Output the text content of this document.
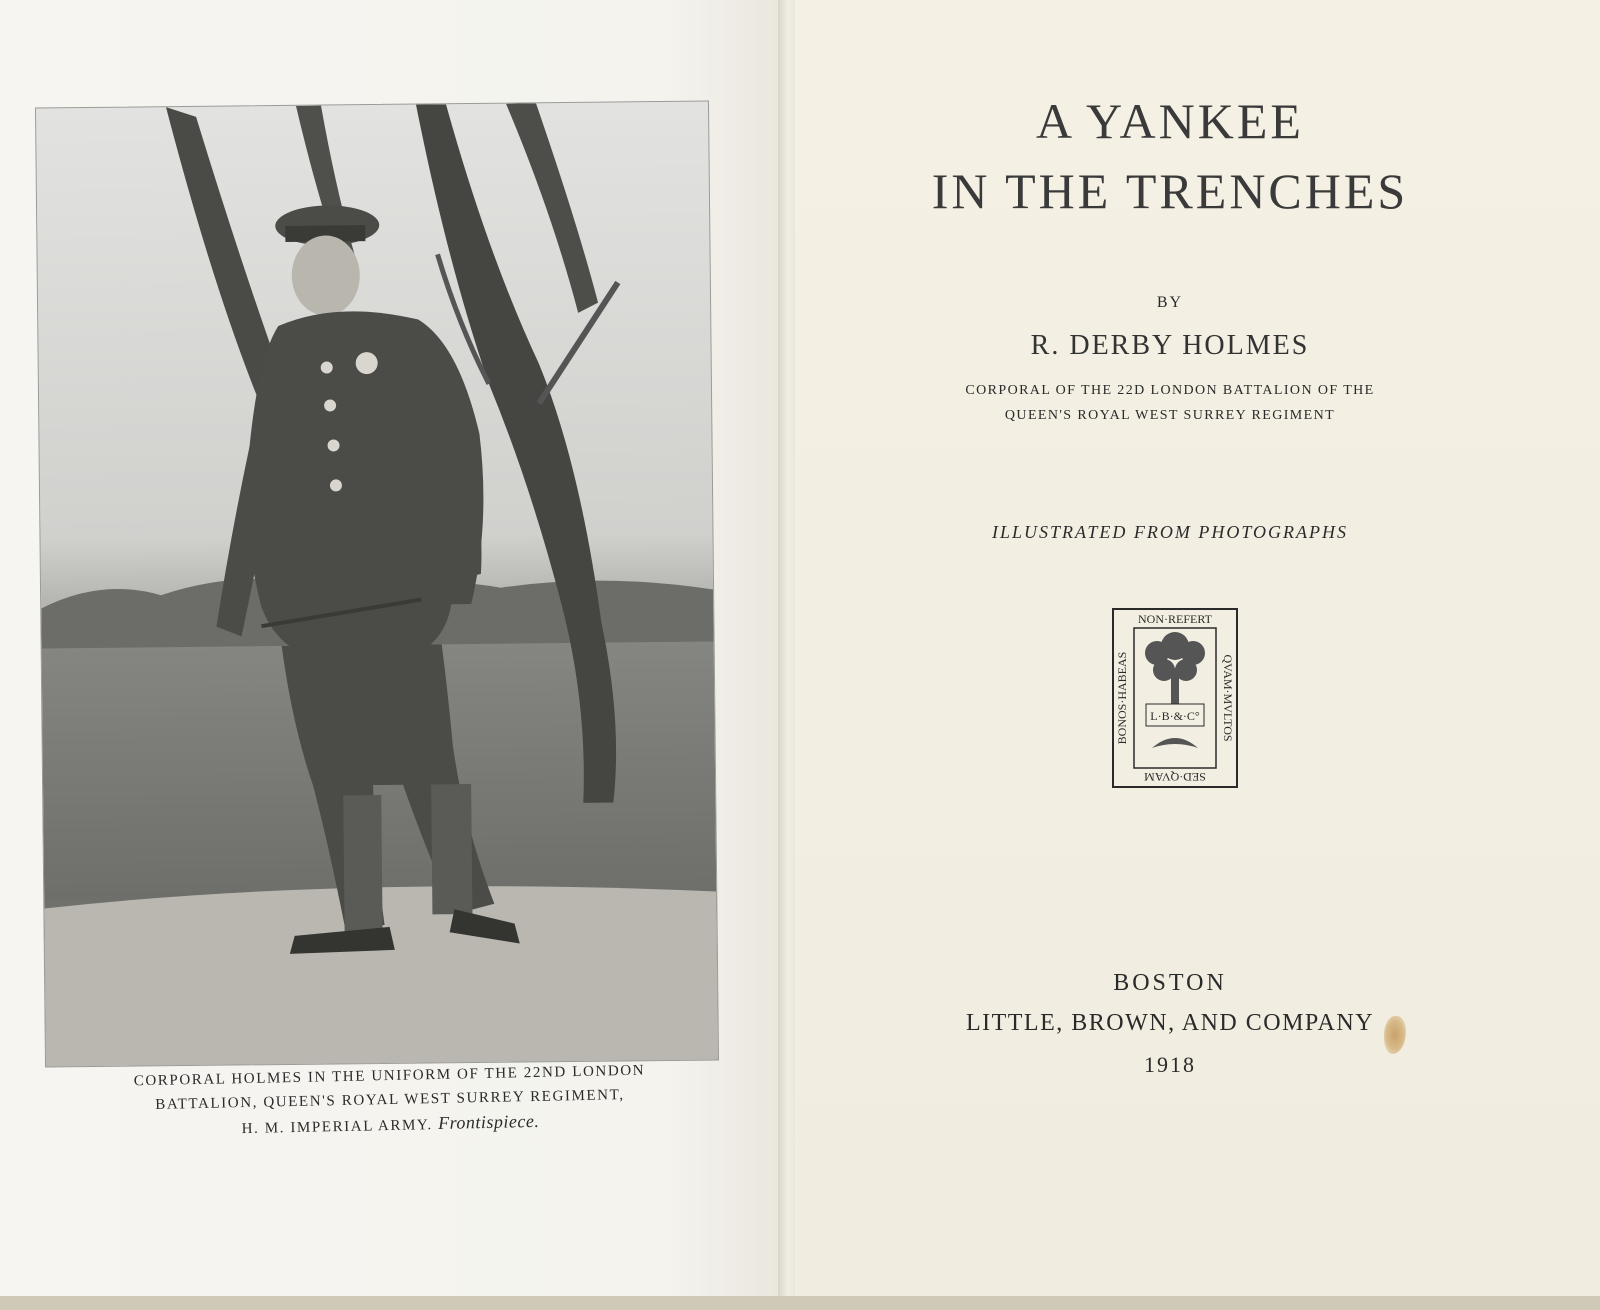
CORPORAL HOLMES IN THE UNIFORM OF THE 22ND LONDON
BATTALION, QUEEN'S ROYAL WEST SURREY REGIMENT,
H. M. IMPERIAL ARMY. Frontispiece.
A YANKEE
IN THE TRENCHES
BY
R. DERBY HOLMES
CORPORAL OF THE 22D LONDON BATTALION OF THE
QUEEN'S ROYAL WEST SURREY REGIMENT
ILLUSTRATED FROM PHOTOGRAPHS
NON·REFERT
SED·QVAM
BONOS·HABEAS	QVAM·MVLTOS
L·B·&·C°
BOSTON
LITTLE, BROWN, AND COMPANY
1918
